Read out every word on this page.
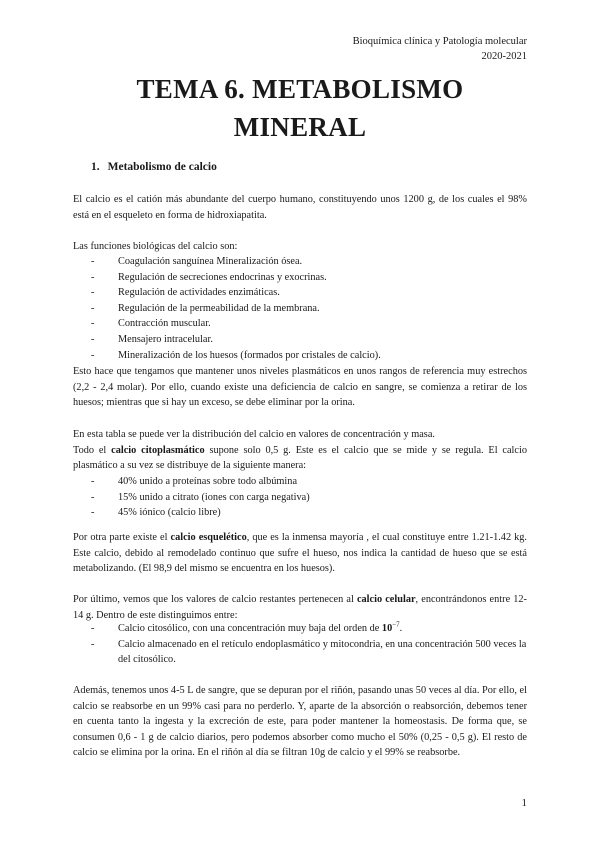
Bioquímica clínica y Patología molecular
2020-2021
TEMA 6. METABOLISMO
MINERAL
1. Metabolismo de calcio
El calcio es el catión más abundante del cuerpo humano, constituyendo unos 1200 g, de los cuales el 98% está en el esqueleto en forma de hidroxiapatita.
Las funciones biológicas del calcio son:
- Coagulación sanguínea Mineralización ósea.
- Regulación de secreciones endocrinas y exocrinas.
- Regulación de actividades enzimáticas.
- Regulación de la permeabilidad de la membrana.
- Contracción muscular.
- Mensajero intracelular.
- Mineralización de los huesos (formados por cristales de calcio).
Esto hace que tengamos que mantener unos niveles plasmáticos en unos rangos de referencia muy estrechos (2,2 - 2,4 molar). Por ello, cuando existe una deficiencia de calcio en sangre, se comienza a retirar de los huesos; mientras que si hay un exceso, se debe eliminar por la orina.
En esta tabla se puede ver la distribución del calcio en valores de concentración y masa.
Todo el calcio citoplasmático supone solo 0,5 g. Este es el calcio que se mide y se regula. El calcio plasmático a su vez se distribuye de la siguiente manera:
- 40% unido a proteínas sobre todo albúmina
- 15% unido a citrato (iones con carga negativa)
- 45% iónico (calcio libre)
Por otra parte existe el calcio esquelético, que es la inmensa mayoría , el cual constituye entre 1.21-1.42 kg. Este calcio, debido al remodelado continuo que sufre el hueso, nos indica la cantidad de hueso que se está metabolizando. (El 98,9 del mismo se encuentra en los huesos).
Por último, vemos que los valores de calcio restantes pertenecen al calcio celular, encontrándonos entre 12-14 g. Dentro de este distinguimos entre:
- Calcio citosólico, con una concentración muy baja del orden de $10^{-7}$.
- Calcio almacenado en el retículo endoplasmático y mitocondria, en una concentración 500 veces la del citosólico.
Además, tenemos unos 4-5 L de sangre, que se depuran por el riñón, pasando unas 50 veces al día. Por ello, el calcio se reabsorbe en un 99% casi para no perderlo. Y, aparte de la absorción o reabsorción, debemos tener en cuenta tanto la ingesta y la excreción de este, para poder mantener la homeostasis. De forma que, se consumen 0,6 - 1 g de calcio diarios, pero podemos absorber como mucho el 50% (0,25 - 0,5 g). El resto de calcio se elimina por la orina. En el riñón al día se filtran 10g de calcio y el 99% se reabsorbe.
1
